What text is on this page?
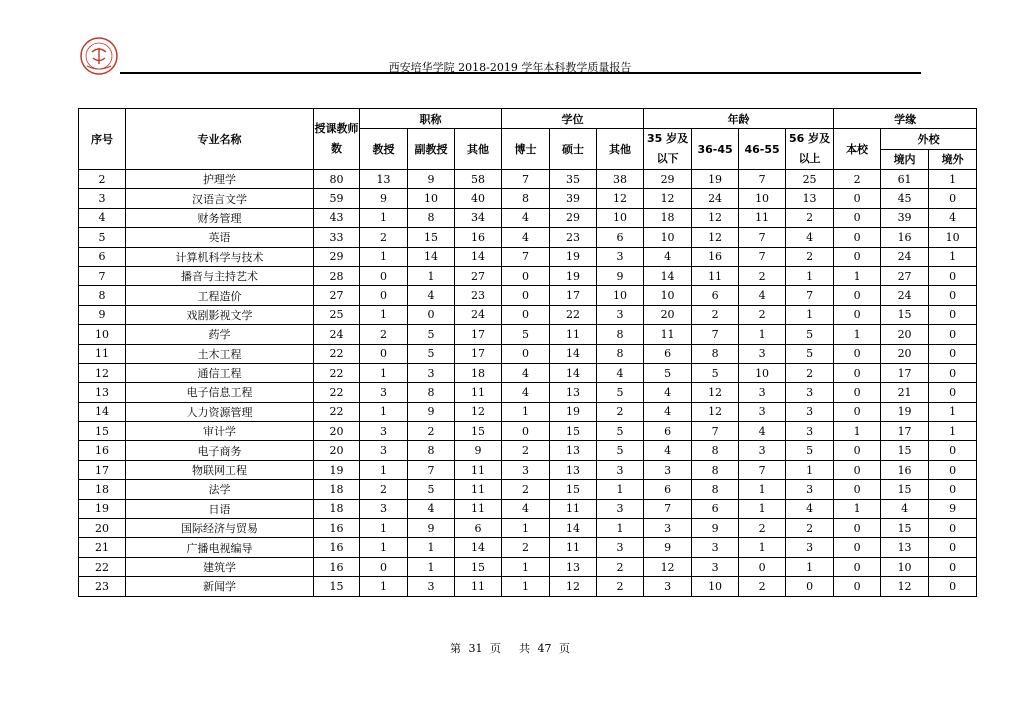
西安培华学院 2018-2019 学年本科教学质量报告
序号	专业名称	授课教师数	职称			学位			年龄				学缘		
			教授	副教授	其他	博士	硕士	其他	35 岁及以下	36-45	46-55	56 岁及以上	本校	外校	
														境内	境外
2	护理学	80	13	9	58	7	35	38	29	19	7	25	2	61	1
3	汉语言文学	59	9	10	40	8	39	12	12	24	10	13	0	45	0
4	财务管理	43	1	8	34	4	29	10	18	12	11	2	0	39	4
5	英语	33	2	15	16	4	23	6	10	12	7	4	0	16	10
6	计算机科学与技术	29	1	14	14	7	19	3	4	16	7	2	0	24	1
7	播音与主持艺术	28	0	1	27	0	19	9	14	11	2	1	1	27	0
8	工程造价	27	0	4	23	0	17	10	10	6	4	7	0	24	0
9	戏剧影视文学	25	1	0	24	0	22	3	20	2	2	1	0	15	0
10	药学	24	2	5	17	5	11	8	11	7	1	5	1	20	0
11	土木工程	22	0	5	17	0	14	8	6	8	3	5	0	20	0
12	通信工程	22	1	3	18	4	14	4	5	5	10	2	0	17	0
13	电子信息工程	22	3	8	11	4	13	5	4	12	3	3	0	21	0
14	人力资源管理	22	1	9	12	1	19	2	4	12	3	3	0	19	1
15	审计学	20	3	2	15	0	15	5	6	7	4	3	1	17	1
16	电子商务	20	3	8	9	2	13	5	4	8	3	5	0	15	0
17	物联网工程	19	1	7	11	3	13	3	3	8	7	1	0	16	0
18	法学	18	2	5	11	2	15	1	6	8	1	3	0	15	0
19	日语	18	3	4	11	4	11	3	7	6	1	4	1	4	9
20	国际经济与贸易	16	1	9	6	1	14	1	3	9	2	2	0	15	0
21	广播电视编导	16	1	1	14	2	11	3	9	3	1	3	0	13	0
22	建筑学	16	0	1	15	1	13	2	12	3	0	1	0	10	0
23	新闻学	15	1	3	11	1	12	2	3	10	2	0	0	12	0
第 31 页 共 47 页
